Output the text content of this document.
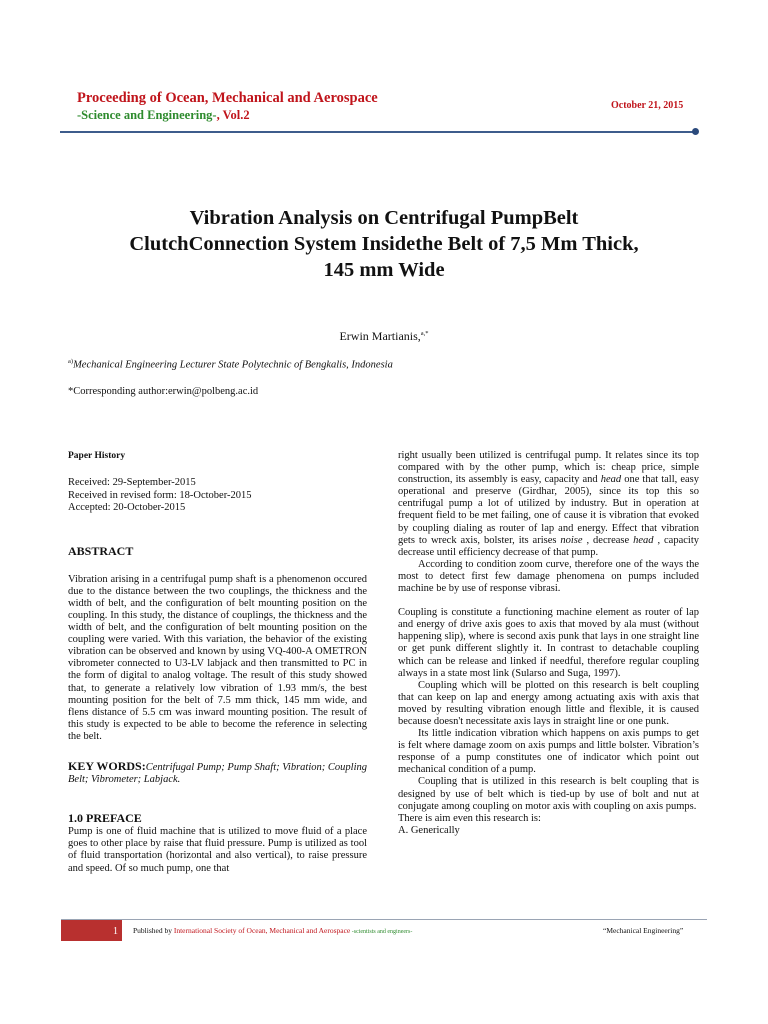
Proceeding of Ocean, Mechanical and Aerospace
-Science and Engineering-, Vol.2
October 21, 2015
Vibration Analysis on Centrifugal PumpBelt
ClutchConnection System Insidethe Belt of 7,5 Mm Thick,
145 mm Wide
Erwin Martianis,$^{a,*}$
$^{a)}$Mechanical Engineering Lecturer State Polytechnic of Bengkalis, Indonesia
*Corresponding author:erwin@polbeng.ac.id

Paper History

Received: 29-September-2015

Received in revised form: 18-October-2015

Accepted: 20-October-2015

ABSTRACT

Vibration arising in a centrifugal pump shaft is a phenomenon occured due to the distance between the two couplings, the thickness and the width of belt, and the configuration of belt mounting position on the coupling. In this study, the distance of couplings, the thickness and the width of belt, and the configuration of belt mounting position on the coupling were varied. With this variation, the behavior of the existing vibration can be observed and known by using VQ-400-A OMETRON vibrometer connected to U3-LV labjack and then transmitted to PC in the form of digital to analog voltage. The result of this study showed that, to generate a relatively low vibration of 1.93 mm/s, the best mounting position for the belt of 7.5 mm thick, 145 mm wide, and flens distance of 5.5 cm was inward mounting position. The result of this study is expected to be able to become the reference in selecting the belt.

KEY WORDS:Centrifugal Pump; Pump Shaft; Vibration; Coupling Belt; Vibrometer; Labjack.

1.0 PREFACE

Pump is one of fluid machine that is utilized to move fluid of a place goes to other place by raise that fluid pressure. Pump is utilized as tool of fluid transportation (horizontal and also vertical), to raise pressure and speed. Of so much pump, one that

right usually been utilized is centrifugal pump. It relates since its top compared with by the other pump, which is: cheap price, simple construction, its assembly is easy, capacity and head one that tall, easy operational and preserve (Girdhar, 2005), since its top this so centrifugal pump a lot of utilized by industry. But in operation at frequent field to be met failing, one of cause it is vibration that evoked by coupling dialing as router of lap and energy. Effect that vibration gets to wreck axis, bolster, its arises noise , decrease head , capacity decrease until efficiency decrease of that pump.

According to condition zoom curve, therefore one of the ways the most to detect first few damage phenomena on pumps included machine be by use of response vibrasi.

Coupling is constitute a functioning machine element as router of lap and energy of drive axis goes to axis that moved by ala must (without happening slip), where is second axis punk that lays in one straight line or get punk different slightly it. In contrast to detachable coupling which can be release and linked if needful, therefore regular coupling always in a state most link (Sularso and Suga, 1997).

Coupling which will be plotted on this research is belt coupling that can keep on lap and energy among actuating axis with axis that moved by resulting vibration enough little and flexible, it is caused because doesn't necessitate axis lays in straight line or one punk.

Its little indication vibration which happens on axis pumps to get is felt where damage zoom on axis pumps and little bolster. Vibration’s response of a pump constitutes one of indicator which point out mechanical condition of a pump.

Coupling that is utilized in this research is belt coupling that is designed by use of belt which is tied-up by use of bolt and nut at conjugate among coupling on motor axis with coupling on axis pumps.

There is aim even this research is:

A. Generically

1	Published by International Society of Ocean, Mechanical and Aerospace -scientists and engineers-	“Mechanical Engineering”
